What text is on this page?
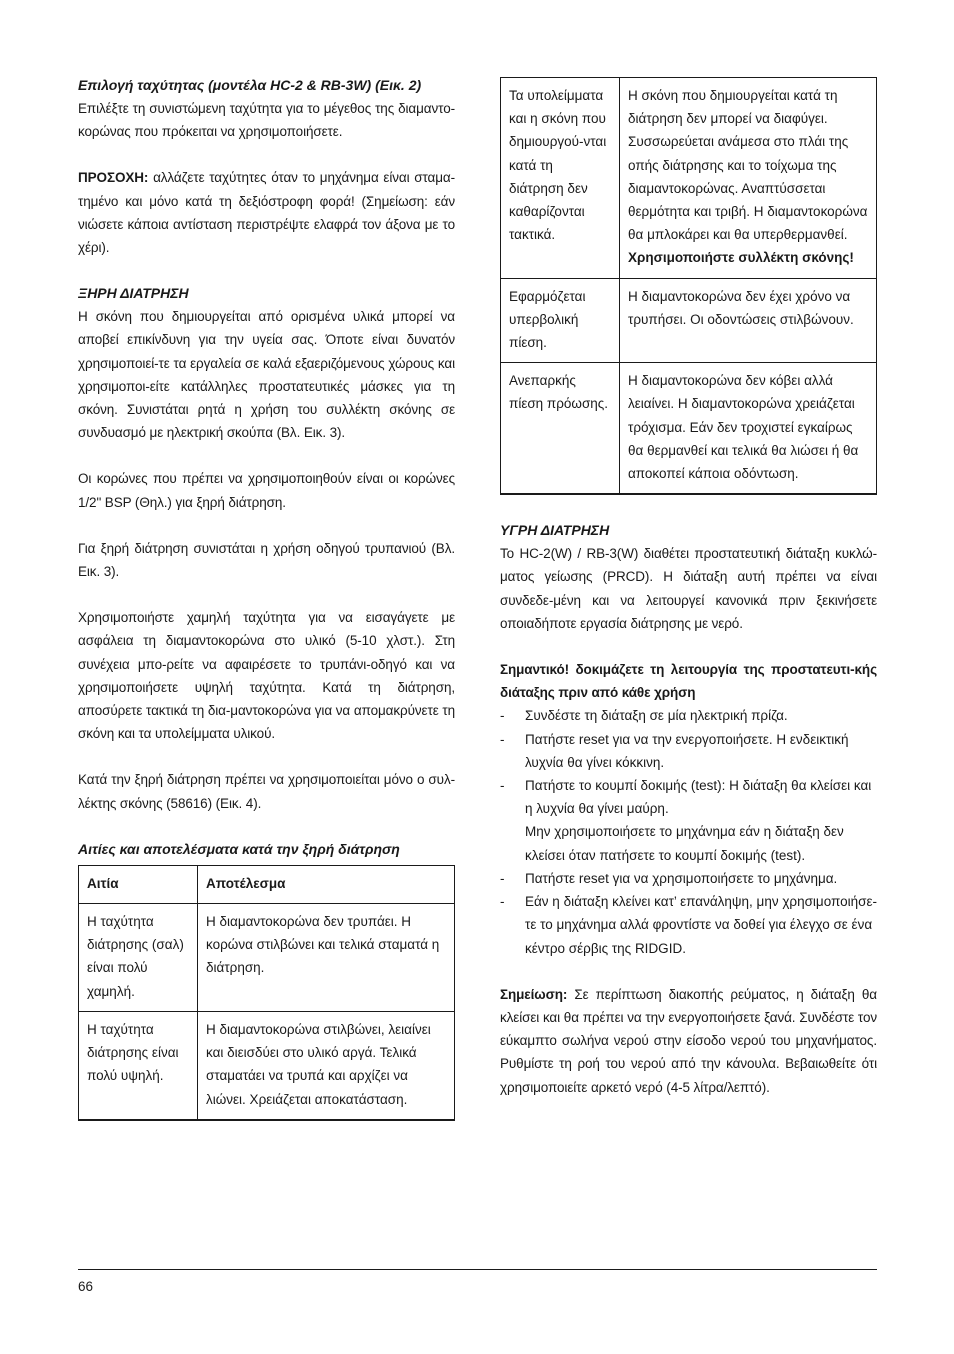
Επιλογή ταχύτητας (μοντέλα HC-2 & RB-3W) (Εικ. 2)

Επιλέξτε τη συνιστώμενη ταχύτητα για το μέγεθος της διαμαντο-κορώνας που πρόκειται να χρησιμοποιήσετε.

ΠΡΟΣΟΧΗ: αλλάζετε ταχύτητες όταν το μηχάνημα είναι σταμα-τημένο και μόνο κατά τη δεξιόστροφη φορά! (Σημείωση: εάν νιώσετε κάποια αντίσταση περιστρέψτε ελαφρά τον άξονα με το χέρι).

ΞΗΡΗ ΔΙΑΤΡΗΣΗ

Η σκόνη που δημιουργείται από ορισμένα υλικά μπορεί να αποβεί επικίνδυνη για την υγεία σας. Όποτε είναι δυνατόν χρησιμοποιεί-τε τα εργαλεία σε καλά εξαεριζόμενους χώρους και χρησιμοποι-είτε κατάλληλες προστατευτικές μάσκες για τη σκόνη. Συνιστάται ρητά η χρήση του συλλέκτη σκόνης σε συνδυασμό με ηλεκτρική σκούπα (Βλ. Εικ. 3).

Οι κορώνες που πρέπει να χρησιμοποιηθούν είναι οι κορώνες 1/2" BSP (Θηλ.) για ξηρή διάτρηση.

Για ξηρή διάτρηση συνιστάται η χρήση οδηγού τρυπανιού (Βλ. Εικ. 3).

Χρησιμοποιήστε χαμηλή ταχύτητα για να εισαγάγετε με ασφάλεια τη διαμαντοκορώνα στο υλικό (5-10 χλστ.). Στη συνέχεια μπο-ρείτε να αφαιρέσετε το τρυπάνι-οδηγό και να χρησιμοποιήσετε υψηλή ταχύτητα. Κατά τη διάτρηση, αποσύρετε τακτικά τη δια-μαντοκορώνα για να απομακρύνετε τη σκόνη και τα υπολείμματα υλικού.

Κατά την ξηρή διάτρηση πρέπει να χρησιμοποιείται μόνο ο συλ-λέκτης σκόνης (58616) (Εικ. 4).

Αιτίες και αποτελέσματα κατά την ξηρή διάτρηση

Αιτία	Αποτέλεσμα
Η ταχύτητα διάτρησης (σαλ) είναι πολύ χαμηλή.	Η διαμαντοκορώνα δεν τρυπάει. Η κορώνα στιλβώνει και τελικά σταματά η διάτρηση.
Η ταχύτητα διάτρησης είναι πολύ υψηλή.	Η διαμαντοκορώνα στιλβώνει, λειαίνει και διεισδύει στο υλικό αργά. Τελικά σταματάει να τρυπά και αρχίζει να λιώνει. Χρειάζεται αποκατάσταση.
Τα υπολείμματα και η σκόνη που δημιουργού-νται κατά τη διάτρηση δεν καθαρίζονται τακτικά.	Η σκόνη που δημιουργείται κατά τη διάτρηση δεν μπορεί να διαφύγει. Συσσωρεύεται ανάμεσα στο πλάι της οπής διάτρησης και το τοίχωμα της διαμαντοκορώνας. Αναπτύσσεται θερμότητα και τριβή. Η διαμαντοκορώνα θα μπλοκάρει και θα υπερθερμανθεί. Χρησιμοποιήστε συλλέκτη σκόνης!
Εφαρμόζεται υπερβολική πίεση.	Η διαμαντοκορώνα δεν έχει χρόνο να τρυπήσει. Οι οδοντώσεις στιλβώνουν.
Ανεπαρκής πίεση πρόωσης.	Η διαμαντοκορώνα δεν κόβει αλλά λειαίνει. Η διαμαντοκορώνα χρειάζεται τρόχισμα. Εάν δεν τροχιστεί εγκαίρως θα θερμανθεί και τελικά θα λιώσει ή θα αποκοπεί κάποια οδόντωση.

ΥΓΡΗ ΔΙΑΤΡΗΣΗ

Το HC-2(W) / RB-3(W) διαθέτει προστατευτική διάταξη κυκλώ-ματος γείωσης (PRCD). Η διάταξη αυτή πρέπει να είναι συνδεδε-μένη και να λειτουργεί κανονικά πριν ξεκινήσετε οποιαδήποτε εργασία διάτρησης με νερό.

Σημαντικό! δοκιμάζετε τη λειτουργία της προστατευτι-κής διάταξης πριν από κάθε χρήση

- Συνδέστε τη διάταξη σε μία ηλεκτρική πρίζα.
- Πατήστε reset για να την ενεργοποιήσετε. Η ενδεικτική λυχνία θα γίνει κόκκινη.
- Πατήστε το κουμπί δοκιμής (test): Η διάταξη θα κλείσει και η λυχνία θα γίνει μαύρη.
Μην χρησιμοποιήσετε το μηχάνημα εάν η διάταξη δεν κλείσει όταν πατήσετε το κουμπί δοκιμής (test).
- Πατήστε reset για να χρησιμοποιήσετε το μηχάνημα.
- Εάν η διάταξη κλείνει κατ’ επανάληψη, μην χρησιμοποιήσε-τε το μηχάνημα αλλά φροντίστε να δοθεί για έλεγχο σε ένα κέντρο σέρβις της RIDGID.

Σημείωση: Σε περίπτωση διακοπής ρεύματος, η διάταξη θα κλείσει και θα πρέπει να την ενεργοποιήσετε ξανά. Συνδέστε τον εύκαμπτο σωλήνα νερού στην είσοδο νερού του μηχανήματος. Ρυθμίστε τη ροή του νερού από την κάνουλα. Βεβαιωθείτε ότι χρησιμοποιείτε αρκετό νερό (4-5 λίτρα/λεπτό).

66
